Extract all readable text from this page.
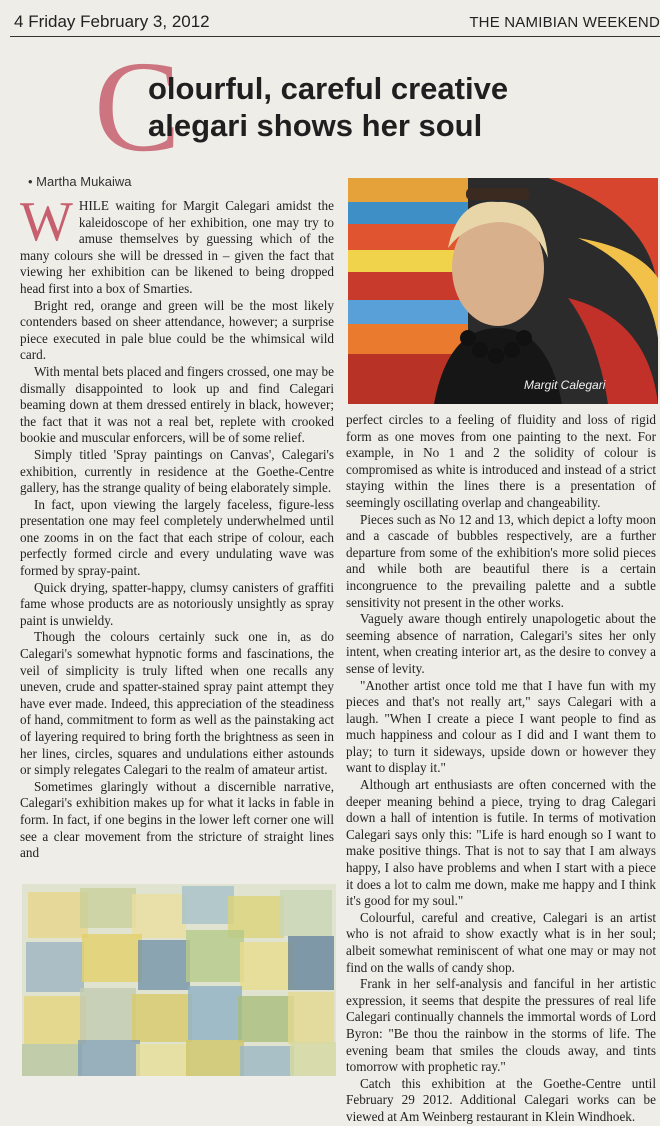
4 Friday February 3, 2012	THE NAMIBIAN WEEKEND
C
olourful, careful creative
alegari shows her soul
• Martha Mukaiwa

WHILE waiting for Margit Calegari amidst the kaleidoscope of her exhibition, one may try to amuse themselves by guessing which of the many colours she will be dressed in – given the fact that viewing her exhibition can be likened to being dropped head first into a box of Smarties.

Bright red, orange and green will be the most likely contenders based on sheer attendance, however; a surprise piece executed in pale blue could be the whimsical wild card.

With mental bets placed and fingers crossed, one may be dismally disappointed to look up and find Calegari beaming down at them dressed entirely in black, however; the fact that it was not a real bet, replete with crooked bookie and muscular enforcers, will be of some relief.

Simply titled 'Spray paintings on Canvas', Calegari's exhibition, currently in residence at the Goethe-Centre gallery, has the strange quality of being elaborately simple.

In fact, upon viewing the largely faceless, figure-less presentation one may feel completely underwhelmed until one zooms in on the fact that each stripe of colour, each perfectly formed circle and every undulating wave was formed by spray-paint.

Quick drying, spatter-happy, clumsy canisters of graffiti fame whose products are as notoriously unsightly as spray paint is unwieldy.

Though the colours certainly suck one in, as do Calegari's somewhat hypnotic forms and fascinations, the veil of simplicity is truly lifted when one recalls any uneven, crude and spatter-stained spray paint attempt they have ever made. Indeed, this appreciation of the steadiness of hand, commitment to form as well as the painstaking act of layering required to bring forth the brightness as seen in her lines, circles, squares and undulations either astounds or simply relegates Calegari to the realm of amateur artist.

Sometimes glaringly without a discernible narrative, Calegari's exhibition makes up for what it lacks in fable in form. In fact, if one begins in the lower left corner one will see a clear movement from the stricture of straight lines and

Margit Calegari

perfect circles to a feeling of fluidity and loss of rigid form as one moves from one painting to the next. For example, in No 1 and 2 the solidity of colour is compromised as white is introduced and instead of a strict staying within the lines there is a presentation of seemingly oscillating overlap and changeability.

Pieces such as No 12 and 13, which depict a lofty moon and a cascade of bubbles respectively, are a further departure from some of the exhibition's more solid pieces and while both are beautiful there is a certain incongruence to the prevailing palette and a subtle sensitivity not present in the other works.

Vaguely aware though entirely unapologetic about the seeming absence of narration, Calegari's sites her only intent, when creating interior art, as the desire to convey a sense of levity.

"Another artist once told me that I have fun with my pieces and that's not really art," says Calegari with a laugh. "When I create a piece I want people to find as much happiness and colour as I did and I want them to play; to turn it sideways, upside down or however they want to display it."

Although art enthusiasts are often concerned with the deeper meaning behind a piece, trying to drag Calegari down a hall of intention is futile. In terms of motivation Calegari says only this: "Life is hard enough so I want to make positive things. That is not to say that I am always happy, I also have problems and when I start with a piece it does a lot to calm me down, make me happy and I think it's good for my soul."

Colourful, careful and creative, Calegari is an artist who is not afraid to show exactly what is in her soul; albeit somewhat reminiscent of what one may or may not find on the walls of candy shop.

Frank in her self-analysis and fanciful in her artistic expression, it seems that despite the pressures of real life Calegari continually channels the immortal words of Lord Byron: "Be thou the rainbow in the storms of life. The evening beam that smiles the clouds away, and tints tomorrow with prophetic ray."

Catch this exhibition at the Goethe-Centre until February 29 2012. Additional Calegari works can be viewed at Am Weinberg restaurant in Klein Windhoek.
